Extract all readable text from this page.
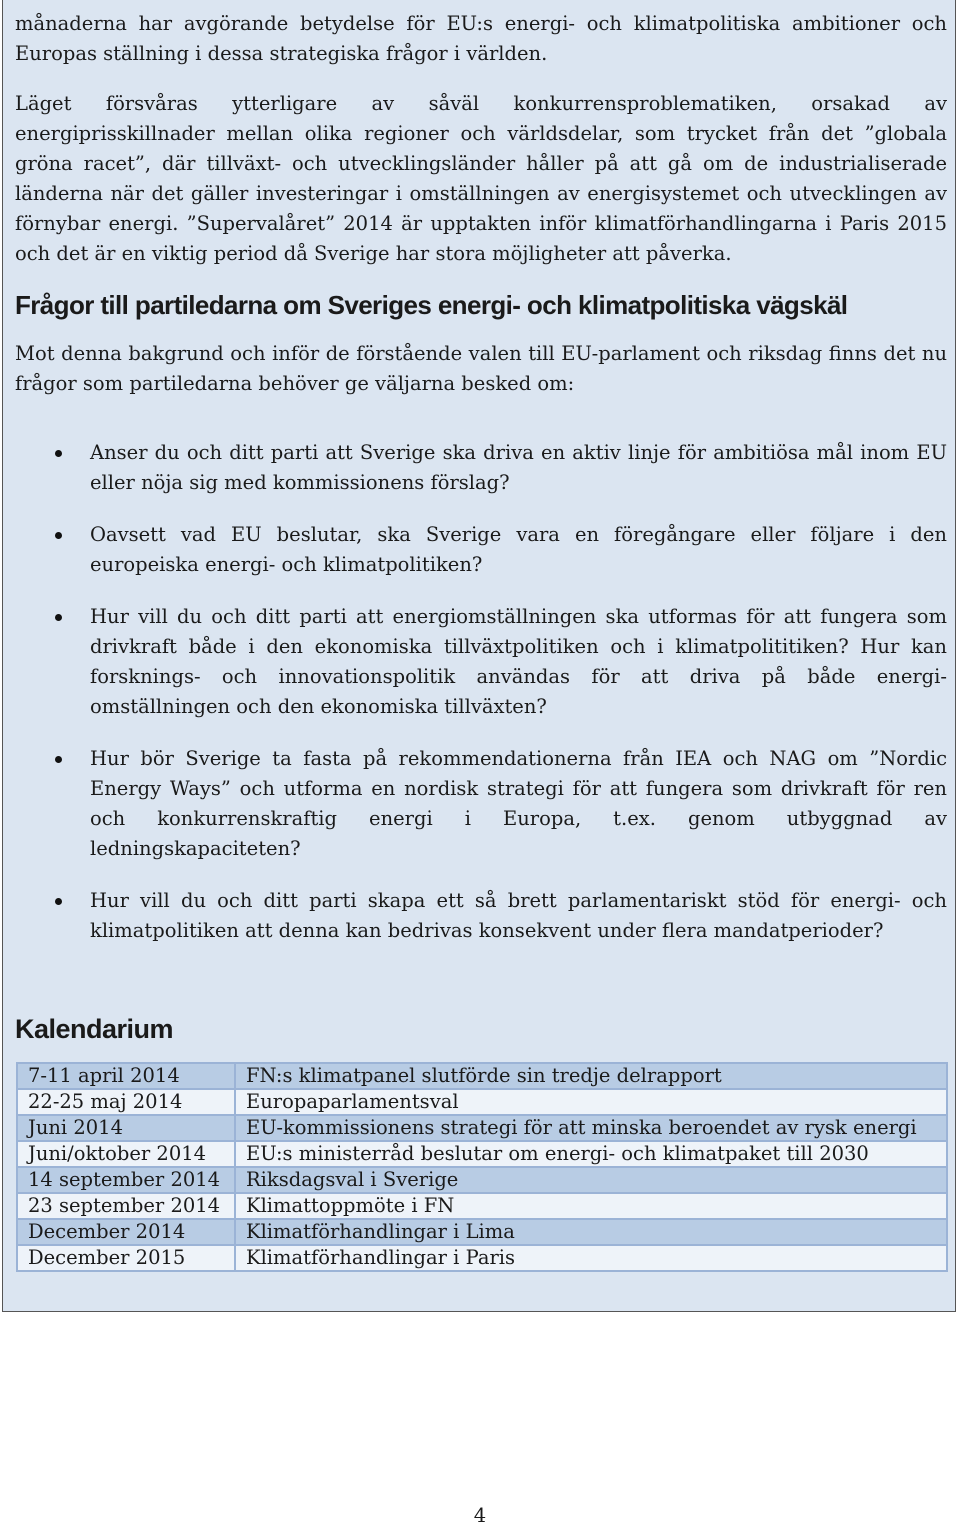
månaderna har avgörande betydelse för EU:s energi- och klimatpolitiska ambitioner och Europas ställning i dessa strategiska frågor i världen.

Läget försvåras ytterligare av såväl konkurrensproblematiken, orsakad av energiprisskillnader mellan olika regioner och världsdelar, som trycket från det ”globala gröna racet”, där tillväxt- och utvecklingsländer håller på att gå om de industrialiserade länderna när det gäller investeringar i omställningen av energisystemet och utvecklingen av förnybar energi. ”Supervalåret” 2014 är upptakten inför klimatförhandlingarna i Paris 2015 och det är en viktig period då Sverige har stora möjligheter att påverka.

Frågor till partiledarna om Sveriges energi- och klimatpolitiska vägskäl

Mot denna bakgrund och inför de förstående valen till EU-parlament och riksdag finns det nu frågor som partiledarna behöver ge väljarna besked om:

Anser du och ditt parti att Sverige ska driva en aktiv linje för ambitiösa mål inom EU eller nöja sig med kommissionens förslag?
Oavsett vad EU beslutar, ska Sverige vara en föregångare eller följare i den europeiska energi- och klimatpolitiken?
Hur vill du och ditt parti att energiomställningen ska utformas för att fungera som drivkraft både i den ekonomiska tillväxtpolitiken och i klimatpolititiken? Hur kan forsknings- och innovationspolitik användas för att driva på både energi-omställningen och den ekonomiska tillväxten?
Hur bör Sverige ta fasta på rekommendationerna från IEA och NAG om ”Nordic Energy Ways” och utforma en nordisk strategi för att fungera som drivkraft för ren och konkurrenskraftig energi i Europa, t.ex. genom utbyggnad av ledningskapaciteten?
Hur vill du och ditt parti skapa ett så brett parlamentariskt stöd för energi- och klimatpolitiken att denna kan bedrivas konsekvent under flera mandatperioder?
Kalendarium
7-11 april 2014	FN:s klimatpanel slutförde sin tredje delrapport
22-25 maj 2014	Europaparlamentsval
Juni 2014	EU-kommissionens strategi för att minska beroendet av rysk energi
Juni/oktober 2014	EU:s ministerråd beslutar om energi- och klimatpaket till 2030
14 september 2014	Riksdagsval i Sverige
23 september 2014	Klimattoppmöte i FN
December 2014	Klimatförhandlingar i Lima
December 2015	Klimatförhandlingar i Paris

4
